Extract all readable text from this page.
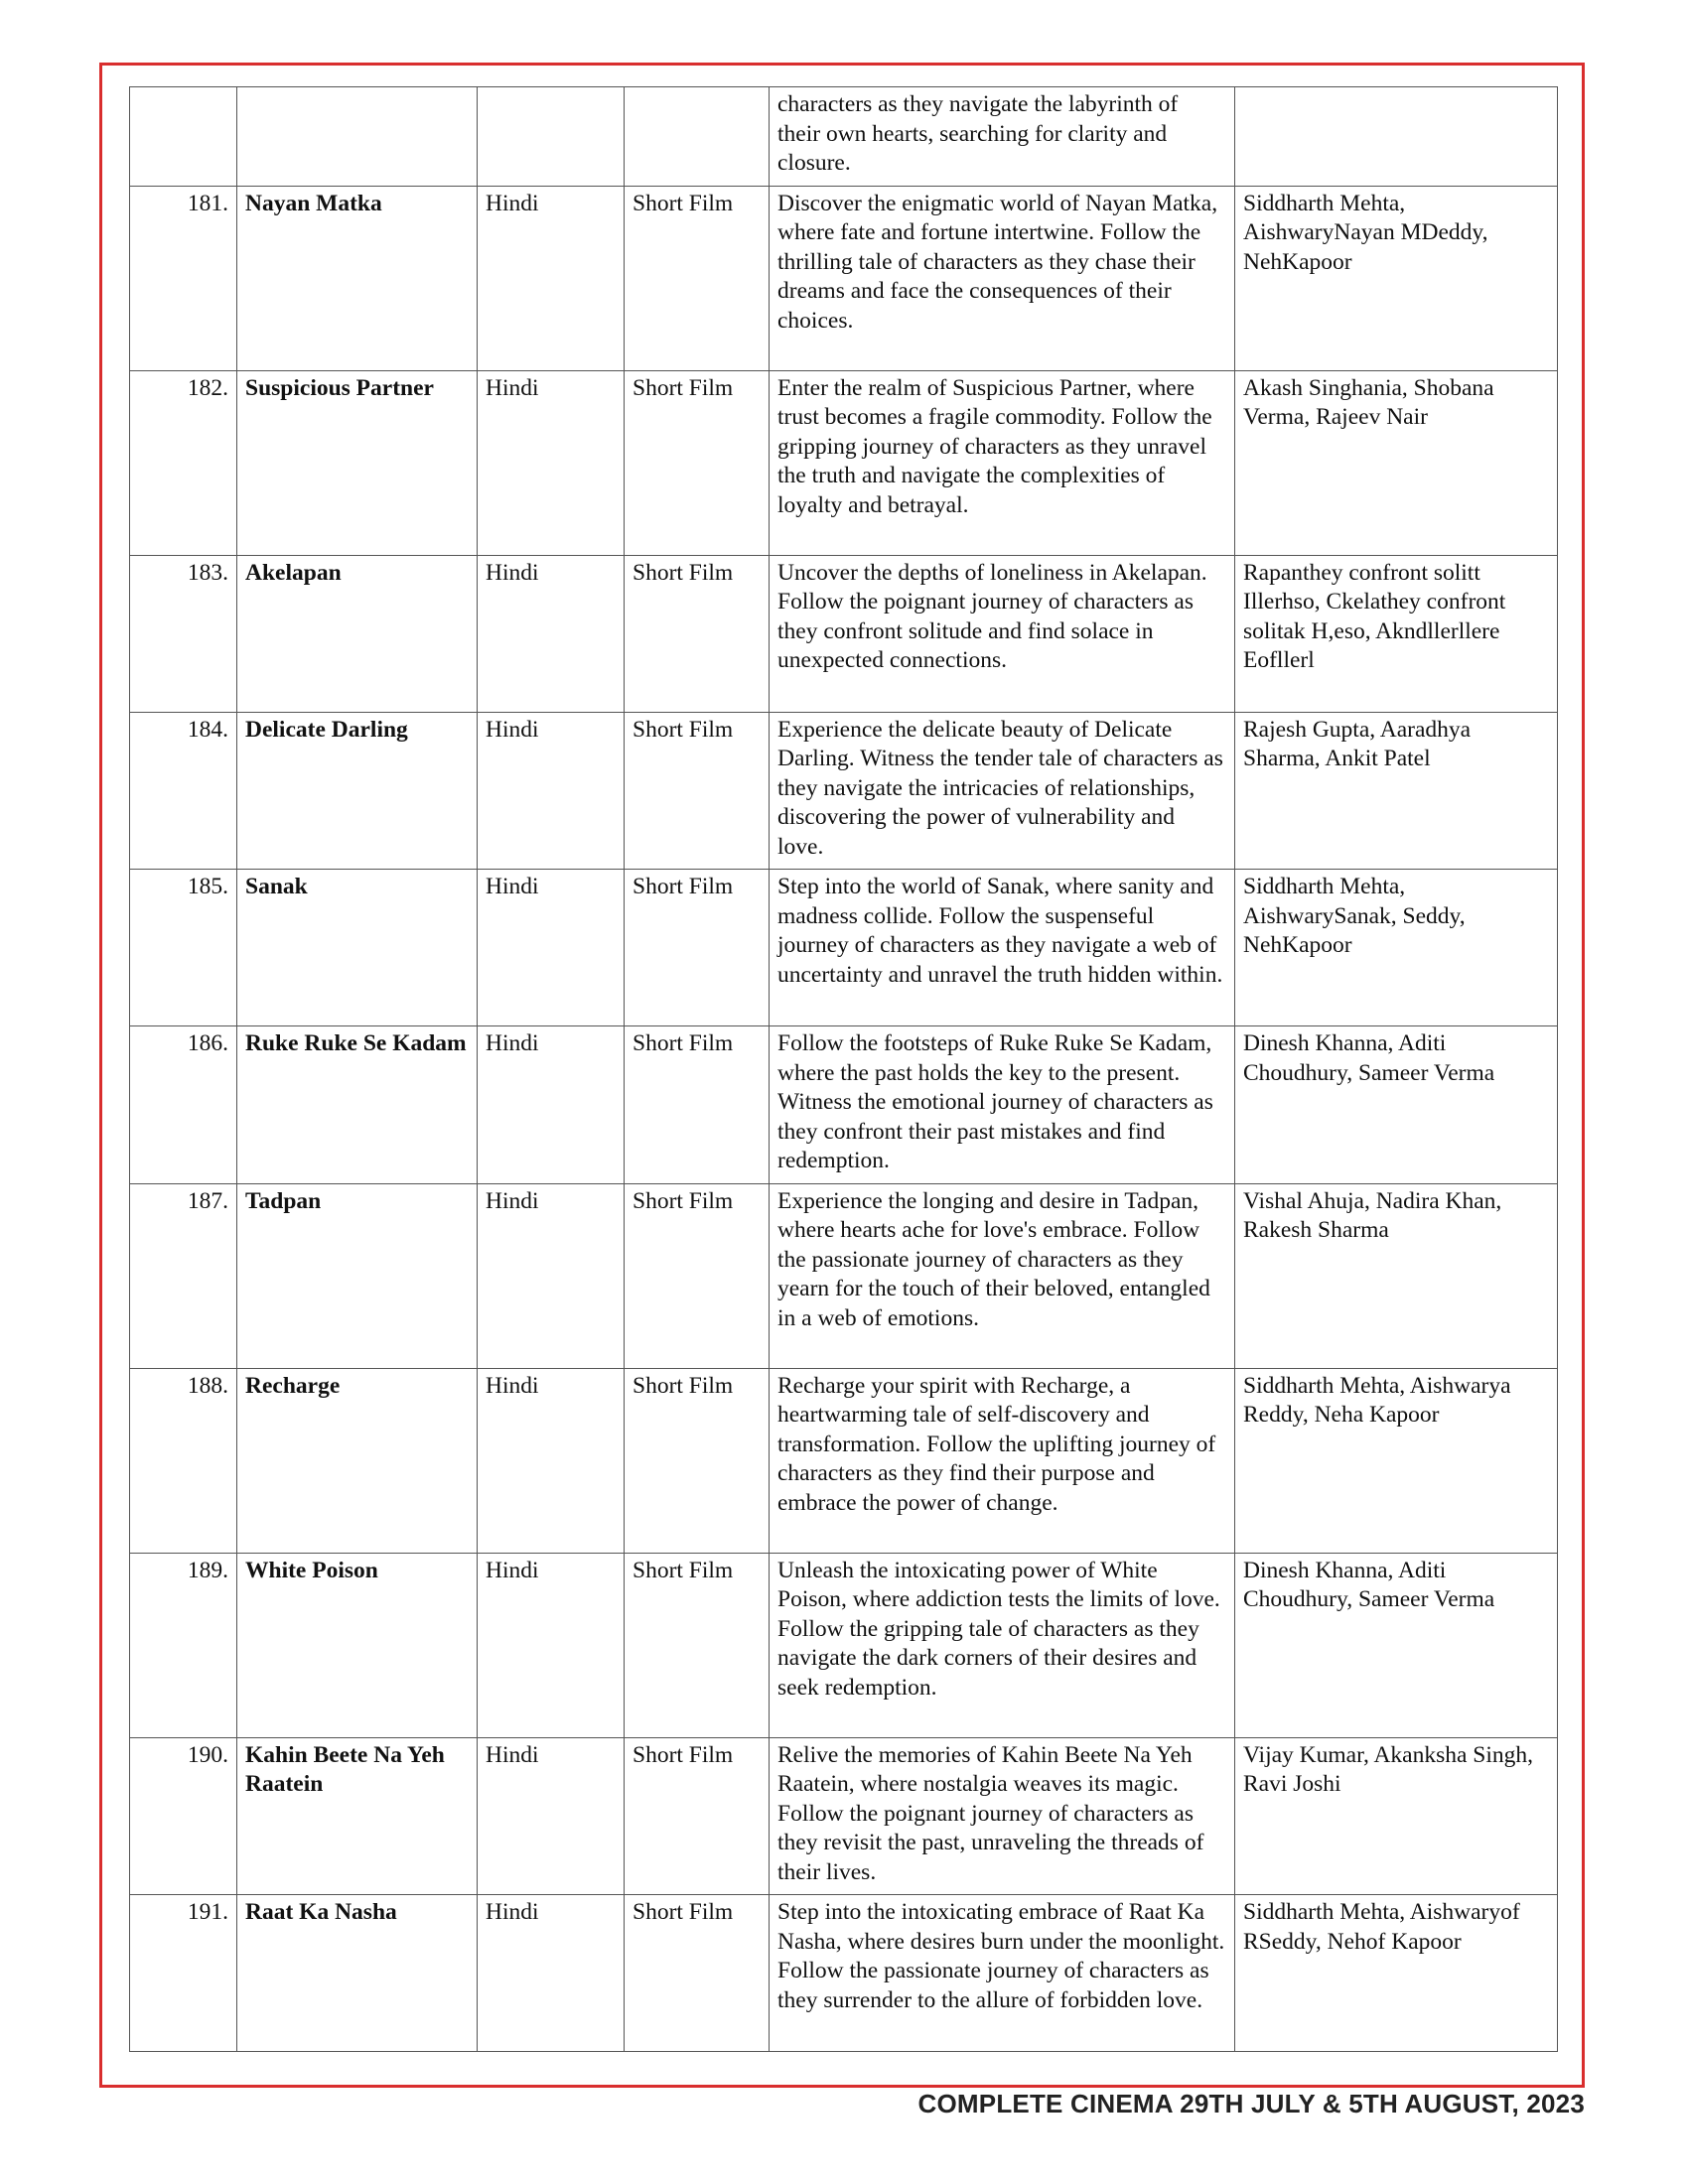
				characters as they navigate the labyrinth of their own hearts, searching for clarity and closure.	
181.	Nayan Matka	Hindi	Short Film	Discover the enigmatic world of Nayan Matka, where fate and fortune intertwine. Follow the thrilling tale of characters as they chase their dreams and face the consequences of their choices.	Siddharth Mehta, AishwaryNayan MDeddy, NehKapoor
182.	Suspicious Partner	Hindi	Short Film	Enter the realm of Suspicious Partner, where trust becomes a fragile commodity. Follow the gripping journey of characters as they unravel the truth and navigate the complexities of loyalty and betrayal.	Akash Singhania, Shobana Verma, Rajeev Nair
183.	Akelapan	Hindi	Short Film	Uncover the depths of loneliness in Akelapan. Follow the poignant journey of characters as they confront solitude and find solace in unexpected connections.	Rapanthey confront solitt Illerhso, Ckelathey confront solitak H,eso, Akndllerllere Eofllerl
184.	Delicate Darling	Hindi	Short Film	Experience the delicate beauty of Delicate Darling. Witness the tender tale of characters as they navigate the intricacies of relationships, discovering the power of vulnerability and love.	Rajesh Gupta, Aaradhya Sharma, Ankit Patel
185.	Sanak	Hindi	Short Film	Step into the world of Sanak, where sanity and madness collide. Follow the suspenseful journey of characters as they navigate a web of uncertainty and unravel the truth hidden within.	Siddharth Mehta, AishwarySanak, Seddy, NehKapoor
186.	Ruke Ruke Se Kadam	Hindi	Short Film	Follow the footsteps of Ruke Ruke Se Kadam, where the past holds the key to the present. Witness the emotional journey of characters as they confront their past mistakes and find redemption.	Dinesh Khanna, Aditi Choudhury, Sameer Verma
187.	Tadpan	Hindi	Short Film	Experience the longing and desire in Tadpan, where hearts ache for love's embrace. Follow the passionate journey of characters as they yearn for the touch of their beloved, entangled in a web of emotions.	Vishal Ahuja, Nadira Khan, Rakesh Sharma
188.	Recharge	Hindi	Short Film	Recharge your spirit with Recharge, a heartwarming tale of self-discovery and transformation. Follow the uplifting journey of characters as they find their purpose and embrace the power of change.	Siddharth Mehta, Aishwarya Reddy, Neha Kapoor
189.	White Poison	Hindi	Short Film	Unleash the intoxicating power of White Poison, where addiction tests the limits of love. Follow the gripping tale of characters as they navigate the dark corners of their desires and seek redemption.	Dinesh Khanna, Aditi Choudhury, Sameer Verma
190.	Kahin Beete Na Yeh Raatein	Hindi	Short Film	Relive the memories of Kahin Beete Na Yeh Raatein, where nostalgia weaves its magic. Follow the poignant journey of characters as they revisit the past, unraveling the threads of their lives.	Vijay Kumar, Akanksha Singh, Ravi Joshi
191.	Raat Ka Nasha	Hindi	Short Film	Step into the intoxicating embrace of Raat Ka Nasha, where desires burn under the moonlight. Follow the passionate journey of characters as they surrender to the allure of forbidden love.	Siddharth Mehta, Aishwaryof RSeddy, Nehof Kapoor
COMPLETE CINEMA 29TH JULY & 5TH AUGUST, 2023
